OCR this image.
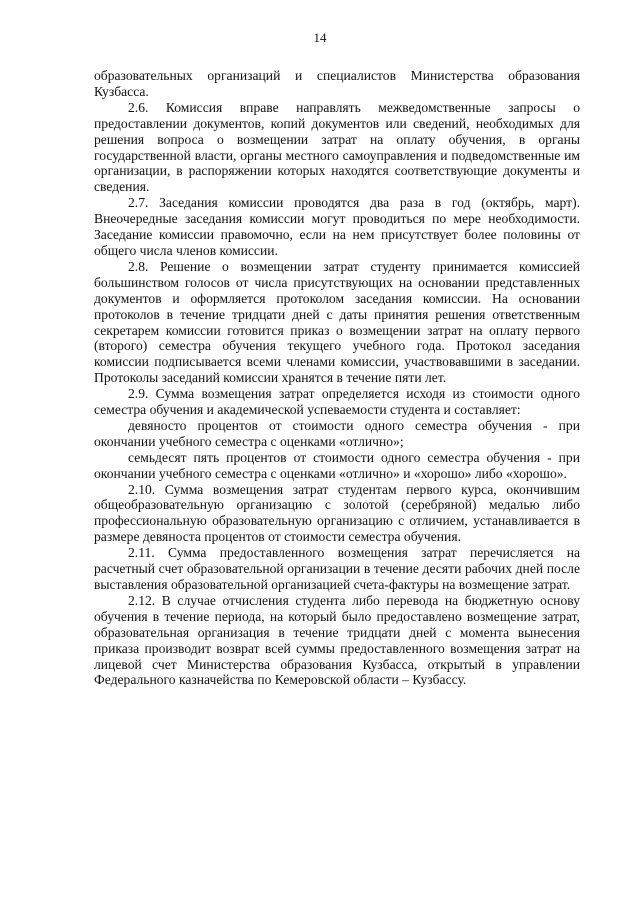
14

образовательных организаций и специалистов Министерства образования Кузбасса.

2.6. Комиссия вправе направлять межведомственные запросы о предоставлении документов, копий документов или сведений, необходимых для решения вопроса о возмещении затрат на оплату обучения, в органы государственной власти, органы местного самоуправления и подведомственные им организации, в распоряжении которых находятся соответствующие документы и сведения.

2.7. Заседания комиссии проводятся два раза в год (октябрь, март). Внеочередные заседания комиссии могут проводиться по мере необходимости. Заседание комиссии правомочно, если на нем присутствует более половины от общего числа членов комиссии.

2.8. Решение о возмещении затрат студенту принимается комиссией большинством голосов от числа присутствующих на основании представленных документов и оформляется протоколом заседания комиссии. На основании протоколов в течение тридцати дней с даты принятия решения ответственным секретарем комиссии готовится приказ о возмещении затрат на оплату первого (второго) семестра обучения текущего учебного года. Протокол заседания комиссии подписывается всеми членами комиссии, участвовавшими в заседании. Протоколы заседаний комиссии хранятся в течение пяти лет.

2.9. Сумма возмещения затрат определяется исходя из стоимости одного семестра обучения и академической успеваемости студента и составляет:

девяносто процентов от стоимости одного семестра обучения - при окончании учебного семестра с оценками «отлично»;

семьдесят пять процентов от стоимости одного семестра обучения - при окончании учебного семестра с оценками «отлично» и «хорошо» либо «хорошо».

2.10. Сумма возмещения затрат студентам первого курса, окончившим общеобразовательную организацию с золотой (серебряной) медалью либо профессиональную образовательную организацию с отличием, устанавливается в размере девяноста процентов от стоимости семестра обучения.

2.11. Сумма предоставленного возмещения затрат перечисляется на расчетный счет образовательной организации в течение десяти рабочих дней после выставления образовательной организацией счета-фактуры на возмещение затрат.

2.12. В случае отчисления студента либо перевода на бюджетную основу обучения в течение периода, на который было предоставлено возмещение затрат, образовательная организация в течение тридцати дней с момента вынесения приказа производит возврат всей суммы предоставленного возмещения затрат на лицевой счет Министерства образования Кузбасса, открытый в управлении Федерального казначейства по Кемеровской области – Кузбассу.
